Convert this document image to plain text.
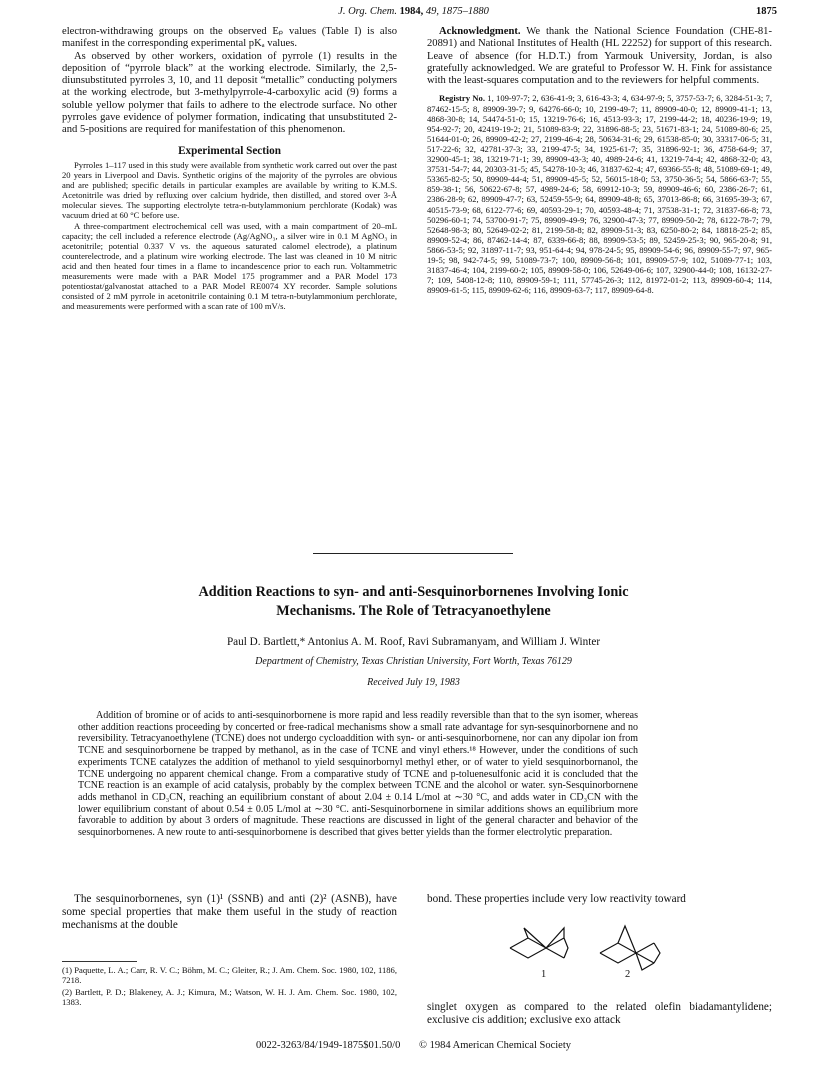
J. Org. Chem. 1984, 49, 1875–1880	1875

electron-withdrawing groups on the observed Eₚ values (Table I) is also manifest in the corresponding experimental pKₐ values.

As observed by other workers, oxidation of pyrrole (1) results in the deposition of “pyrrole black” at the working electrode. Similarly, the 2,5-diunsubstituted pyrroles 3, 10, and 11 deposit “metallic” conducting polymers at the working electrode, but 3-methylpyrrole-4-carboxylic acid (9) forms a soluble yellow polymer that fails to adhere to the electrode surface. No other pyrroles gave evidence of polymer formation, indicating that unsubstituted 2- and 5-positions are required for manifestation of this phenomenon.

Experimental Section

Pyrroles 1–117 used in this study were available from synthetic work carred out over the past 20 years in Liverpool and Davis. Synthetic origins of the majority of the pyrroles are obvious and are published; specific details in particular examples are available by writing to K.M.S. Acetonitrile was dried by refluxing over calcium hydride, then distilled, and stored over 3-Å molecular sieves. The supporting electrolyte tetra-n-butylammonium perchlorate (Kodak) was vacuum dried at 60 °C before use.

A three-compartment electrochemical cell was used, with a main compartment of 20–mL capacity; the cell included a reference electrode (Ag/AgNO₃, a silver wire in 0.1 M AgNO₃ in acetonitrile; potential 0.337 V vs. the aqueous saturated calomel electrode), a platinum counterelectrode, and a platinum wire working electrode. The last was cleaned in 10 M nitric acid and then heated four times in a flame to incandescence prior to each run. Voltammetric measurements were made with a PAR Model 175 programmer and a PAR Model 173 potentiostat/galvanostat attached to a PAR Model RE0074 XY recorder. Sample solutions consisted of 2 mM pyrrole in acetonitrile containing 0.1 M tetra-n-butylammonium perchlorate, and measurements were performed with a scan rate of 100 mV/s.

Acknowledgment. We thank the National Science Foundation (CHE-81-20891) and National Institutes of Health (HL 22252) for support of this research. Leave of absence (for H.D.T.) from Yarmouk University, Jordan, is also gratefully acknowledged. We are grateful to Professor W. H. Fink for assistance with the least-squares computation and to the reviewers for helpful comments.

Registry No. 1, 109-97-7; 2, 636-41-9; 3, 616-43-3; 4, 634-97-9; 5, 3757-53-7; 6, 3284-51-3; 7, 87462-15-5; 8, 89909-39-7; 9, 64276-66-0; 10, 2199-49-7; 11, 89909-40-0; 12, 89909-41-1; 13, 4868-30-8; 14, 54474-51-0; 15, 13219-76-6; 16, 4513-93-3; 17, 2199-44-2; 18, 40236-19-9; 19, 954-92-7; 20, 42419-19-2; 21, 51089-83-9; 22, 31896-88-5; 23, 51671-83-1; 24, 51089-80-6; 25, 51644-01-0; 26, 89909-42-2; 27, 2199-46-4; 28, 50634-31-6; 29, 61538-85-0; 30, 33317-06-5; 31, 517-22-6; 32, 42781-37-3; 33, 2199-47-5; 34, 1925-61-7; 35, 31896-92-1; 36, 4758-64-9; 37, 32900-45-1; 38, 13219-71-1; 39, 89909-43-3; 40, 4989-24-6; 41, 13219-74-4; 42, 4868-32-0; 43, 37531-54-7; 44, 20303-31-5; 45, 54278-10-3; 46, 31837-62-4; 47, 69366-55-8; 48, 51089-69-1; 49, 53365-82-5; 50, 89909-44-4; 51, 89909-45-5; 52, 56015-18-0; 53, 3750-36-5; 54, 5866-63-7; 55, 859-38-1; 56, 50622-67-8; 57, 4989-24-6; 58, 69912-10-3; 59, 89909-46-6; 60, 2386-26-7; 61, 2386-28-9; 62, 89909-47-7; 63, 52459-55-9; 64, 89909-48-8; 65, 37013-86-8; 66, 31695-39-3; 67, 40515-73-9; 68, 6122-77-6; 69, 40593-29-1; 70, 40593-48-4; 71, 37538-31-1; 72, 31837-66-8; 73, 50296-60-1; 74, 53700-91-7; 75, 89909-49-9; 76, 32900-47-3; 77, 89909-50-2; 78, 6122-78-7; 79, 52648-98-3; 80, 52649-02-2; 81, 2199-58-8; 82, 89909-51-3; 83, 6250-80-2; 84, 18818-25-2; 85, 89909-52-4; 86, 87462-14-4; 87, 6339-66-8; 88, 89909-53-5; 89, 52459-25-3; 90, 965-20-8; 91, 5866-53-5; 92, 31897-11-7; 93, 951-64-4; 94, 978-24-5; 95, 89909-54-6; 96, 89909-55-7; 97, 965-19-5; 98, 942-74-5; 99, 51089-73-7; 100, 89909-56-8; 101, 89909-57-9; 102, 51089-77-1; 103, 31837-46-4; 104, 2199-60-2; 105, 89909-58-0; 106, 52649-06-6; 107, 32900-44-0; 108, 16132-27-7; 109, 5408-12-8; 110, 89909-59-1; 111, 57745-26-3; 112, 81972-01-2; 113, 89909-60-4; 114, 89909-61-5; 115, 89909-62-6; 116, 89909-63-7; 117, 89909-64-8.

Addition Reactions to syn- and anti-Sesquinorbornenes Involving Ionic
Mechanisms. The Role of Tetracyanoethylene
Paul D. Bartlett,* Antonius A. M. Roof, Ravi Subramanyam, and William J. Winter
Department of Chemistry, Texas Christian University, Fort Worth, Texas 76129
Received July 19, 1983
Addition of bromine or of acids to anti-sesquinorbornene is more rapid and less readily reversible than that to the syn isomer, whereas other addition reactions proceeding by concerted or free-radical mechanisms show a small rate advantage for syn-sesquinorbornene and no reversibility. Tetracyanoethylene (TCNE) does not undergo cycloaddition with syn- or anti-sesquinorbornene, nor can any dipolar ion from TCNE and sesquinorbornene be trapped by methanol, as in the case of TCNE and vinyl ethers.¹⁸ However, under the conditions of such experiments TCNE catalyzes the addition of methanol to yield sesquinorbornyl methyl ether, or of water to yield sesquinorbornanol, the TCNE undergoing no apparent chemical change. From a comparative study of TCNE and p-toluenesulfonic acid it is concluded that the TCNE reaction is an example of acid catalysis, probably by the complex between TCNE and the alcohol or water. syn-Sesquinorbornene adds methanol in CD₃CN, reaching an equilibrium constant of about 2.04 ± 0.14 L/mol at ∼30 °C, and adds water in CD₃CN with the lower equilibrium constant of about 0.54 ± 0.05 L/mol at ∼30 °C. anti-Sesquinorbornene in similar additions shows an equilibrium more favorable to addition by about 3 orders of magnitude. These reactions are discussed in light of the general character and behavior of the sesquinorbornenes. A new route to anti-sesquinorbornene is described that gives better yields than the former electrolytic preparation.
The sesquinorbornenes, syn (1)¹ (SSNB) and anti (2)² (ASNB), have some special properties that make them useful in the study of reaction mechanisms at the double
(1) Paquette, L. A.; Carr, R. V. C.; Böhm, M. C.; Gleiter, R.; J. Am. Chem. Soc. 1980, 102, 1186, 7218.
(2) Bartlett, P. D.; Blakeney, A. J.; Kimura, M.; Watson, W. H. J. Am. Chem. Soc. 1980, 102, 1383.
bond. These properties include very low reactivity toward
1	2
singlet oxygen as compared to the related olefin biadamantylidene; exclusive cis addition; exclusive exo attack
0022-3263/84/1949-1875$01.50/0 © 1984 American Chemical Society
